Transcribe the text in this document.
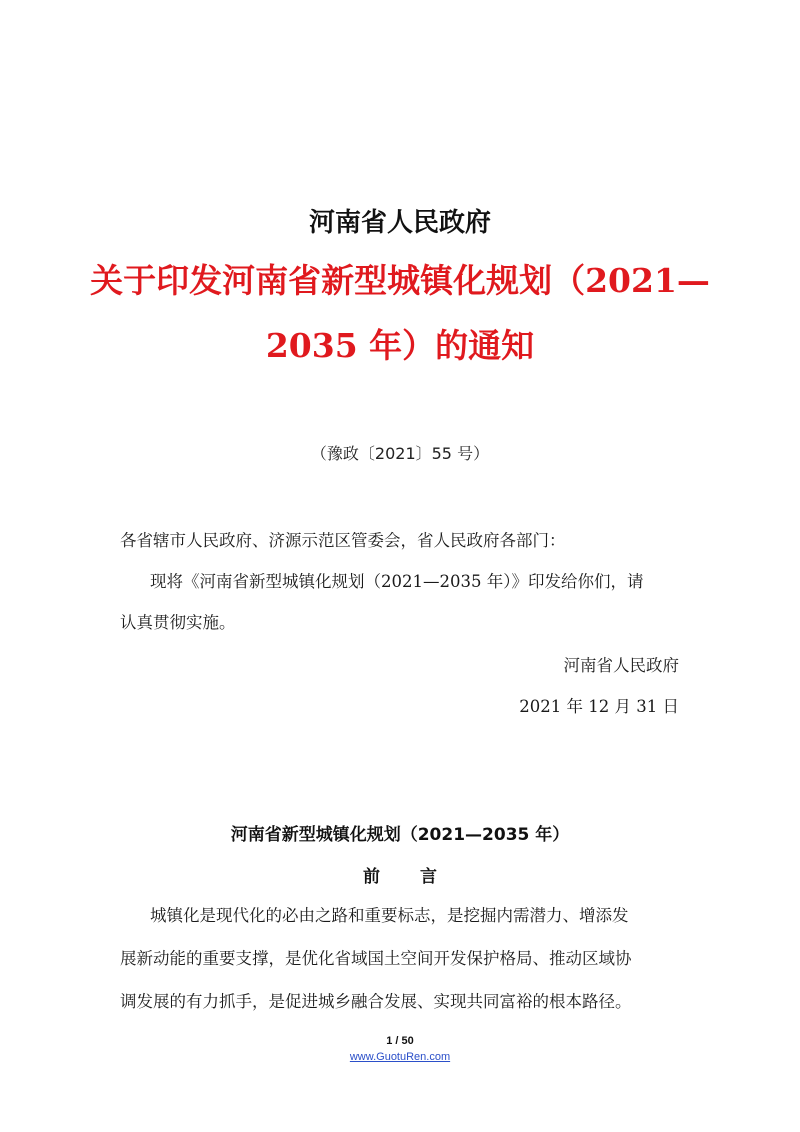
河南省人民政府
关于印发河南省新型城镇化规划（2021—
2035 年）的通知
（豫政〔2021〕55 号）
各省辖市人民政府、济源示范区管委会，省人民政府各部门：
现将《河南省新型城镇化规划（2021—2035 年）》印发给你们，请
认真贯彻实施。
河南省人民政府
2021 年 12 月 31 日
河南省新型城镇化规划（2021—2035 年）
前 言
城镇化是现代化的必由之路和重要标志，是挖掘内需潜力、增添发
展新动能的重要支撑，是优化省域国土空间开发保护格局、推动区域协
调发展的有力抓手，是促进城乡融合发展、实现共同富裕的根本路径。
1 / 50
www.GuotuRen.com
